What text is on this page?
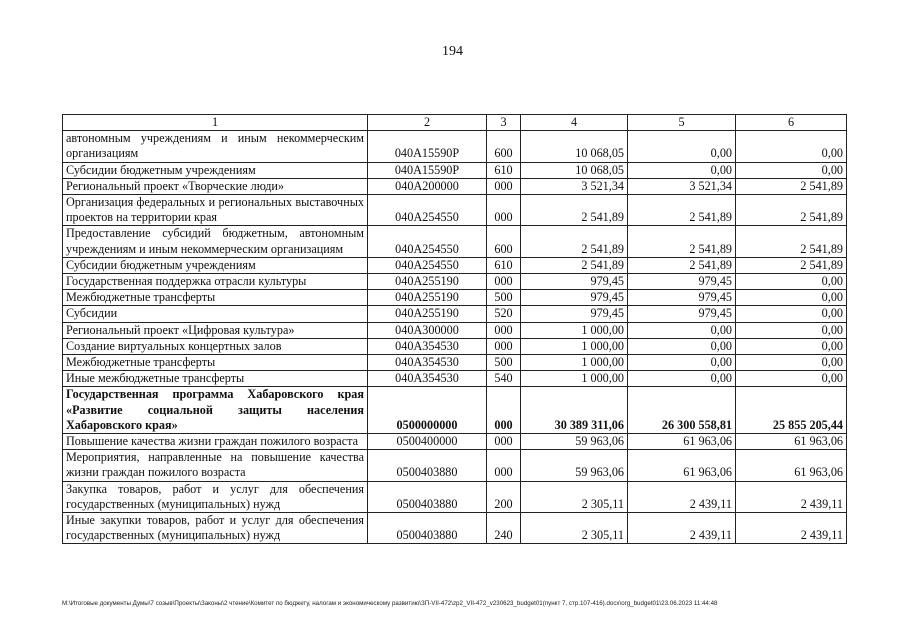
194
1	2	3	4	5	6
автономным учреждениям и иным некоммерческим организациям	040A15590P	600	10 068,05	0,00	0,00
Субсидии бюджетным учреждениям	040A15590P	610	10 068,05	0,00	0,00
Региональный проект «Творческие люди»	040A200000	000	3 521,34	3 521,34	2 541,89
Организация федеральных и региональных выставочных проектов на территории края	040A254550	000	2 541,89	2 541,89	2 541,89
Предоставление субсидий бюджетным, автономным учреждениям и иным некоммерческим организациям	040A254550	600	2 541,89	2 541,89	2 541,89
Субсидии бюджетным учреждениям	040A254550	610	2 541,89	2 541,89	2 541,89
Государственная поддержка отрасли культуры	040A255190	000	979,45	979,45	0,00
Межбюджетные трансферты	040A255190	500	979,45	979,45	0,00
Субсидии	040A255190	520	979,45	979,45	0,00
Региональный проект «Цифровая культура»	040A300000	000	1 000,00	0,00	0,00
Создание виртуальных концертных залов	040A354530	000	1 000,00	0,00	0,00
Межбюджетные трансферты	040A354530	500	1 000,00	0,00	0,00
Иные межбюджетные трансферты	040A354530	540	1 000,00	0,00	0,00
Государственная программа Хабаровского края «Развитие социальной защиты населения Хабаровского края»	0500000000	000	30 389 311,06	26 300 558,81	25 855 205,44
Повышение качества жизни граждан пожилого возраста	0500400000	000	59 963,06	61 963,06	61 963,06
Мероприятия, направленные на повышение качества жизни граждан пожилого возраста	0500403880	000	59 963,06	61 963,06	61 963,06
Закупка товаров, работ и услуг для обеспечения государственных (муниципальных) нужд	0500403880	200	2 305,11	2 439,11	2 439,11
Иные закупки товаров, работ и услуг для обеспечения государственных (муниципальных) нужд	0500403880	240	2 305,11	2 439,11	2 439,11
M:\Итоговые документы Думы\7 созыв\Проекты\Законы\2 чтение\Комитет по бюджету, налогам и экономическому развитию\ЗП-VII-472\zp2_VII-472_v230623_budget01(пункт 7, стр.107-416).docx\org_budget01\23.06.2023 11:44:48
